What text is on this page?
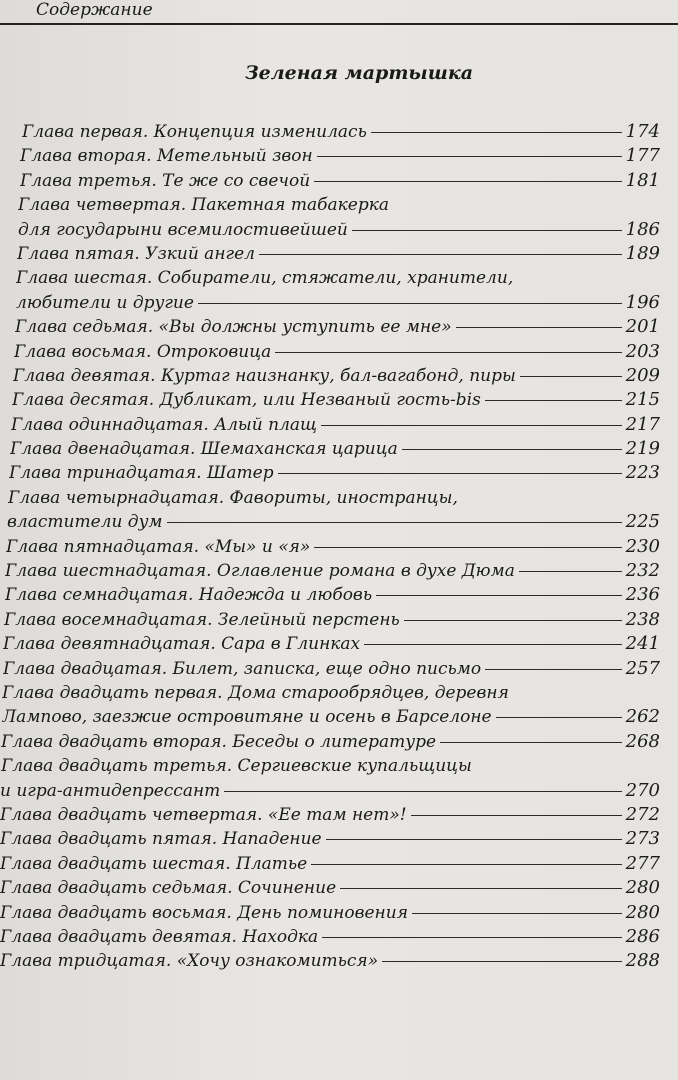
Содержание
Зеленая мартышка
Глава первая. Концепция изменилась	174
Глава вторая. Метельный звон	177
Глава третья. Те же со свечой	181
Глава четвертая. Пакетная табакерка
для государыни всемилостивейшей	186
Глава пятая. Узкий ангел	189
Глава шестая. Собиратели, стяжатели, хранители,
любители и другие	196
Глава седьмая. «Вы должны уступить ее мне»	201
Глава восьмая. Отроковица	203
Глава девятая. Куртаг наизнанку, бал-вагабонд, пиры	209
Глава десятая. Дубликат, или Незваный гость-bis	215
Глава одиннадцатая. Алый плащ	217
Глава двенадцатая. Шемаханская царица	219
Глава тринадцатая. Шатер	223
Глава четырнадцатая. Фавориты, иностранцы,
властители дум	225
Глава пятнадцатая. «Мы» и «я»	230
Глава шестнадцатая. Оглавление романа в духе Дюма	232
Глава семнадцатая. Надежда и любовь	236
Глава восемнадцатая. Зелейный перстень	238
Глава девятнадцатая. Сара в Глинках	241
Глава двадцатая. Билет, записка, еще одно письмо	257
Глава двадцать первая. Дома старообрядцев, деревня
Лампово, заезжие островитяне и осень в Барселоне	262
Глава двадцать вторая. Беседы о литературе	268
Глава двадцать третья. Сергиевские купальщицы
и игра-антидепрессант	270
Глава двадцать четвертая. «Ее там нет»!	272
Глава двадцать пятая. Нападение	273
Глава двадцать шестая. Платье	277
Глава двадцать седьмая. Сочинение	280
Глава двадцать восьмая. День поминовения	280
Глава двадцать девятая. Находка	286
Глава тридцатая. «Хочу ознакомиться»	288
